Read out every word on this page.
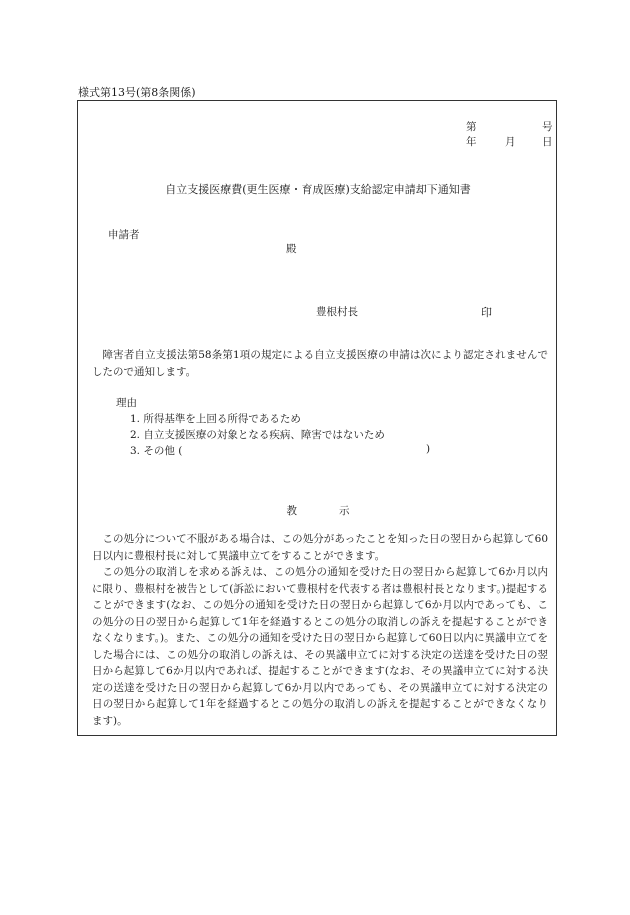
様式第13号(第8条関係)
第	号
年	月	日
自立支援医療費(更生医療・育成医療)支給認定申請却下通知書
申請者
殿
豊根村長	印
障害者自立支援法第58条第1項の規定による自立支援医療の申請は次により認定されませんでしたので通知します。
理由
1. 所得基準を上回る所得であるため
2. 自立支援医療の対象となる疾病、障害ではないため
3. その他 (	)
教　　　　示
この処分について不服がある場合は、この処分があったことを知った日の翌日から起算して60日以内に豊根村長に対して異議申立てをすることができます。
この処分の取消しを求める訴えは、この処分の通知を受けた日の翌日から起算して6か月以内に限り、豊根村を被告として(訴訟において豊根村を代表する者は豊根村長となります。)提起することができます(なお、この処分の通知を受けた日の翌日から起算して6か月以内であっても、この処分の日の翌日から起算して1年を経過するとこの処分の取消しの訴えを提起することができなくなります。)。また、この処分の通知を受けた日の翌日から起算して60日以内に異議申立てをした場合には、この処分の取消しの訴えは、その異議申立てに対する決定の送達を受けた日の翌日から起算して6か月以内であれば、提起することができます(なお、その異議申立てに対する決定の送達を受けた日の翌日から起算して6か月以内であっても、その異議申立てに対する決定の日の翌日から起算して1年を経過するとこの処分の取消しの訴えを提起することができなくなります)。
